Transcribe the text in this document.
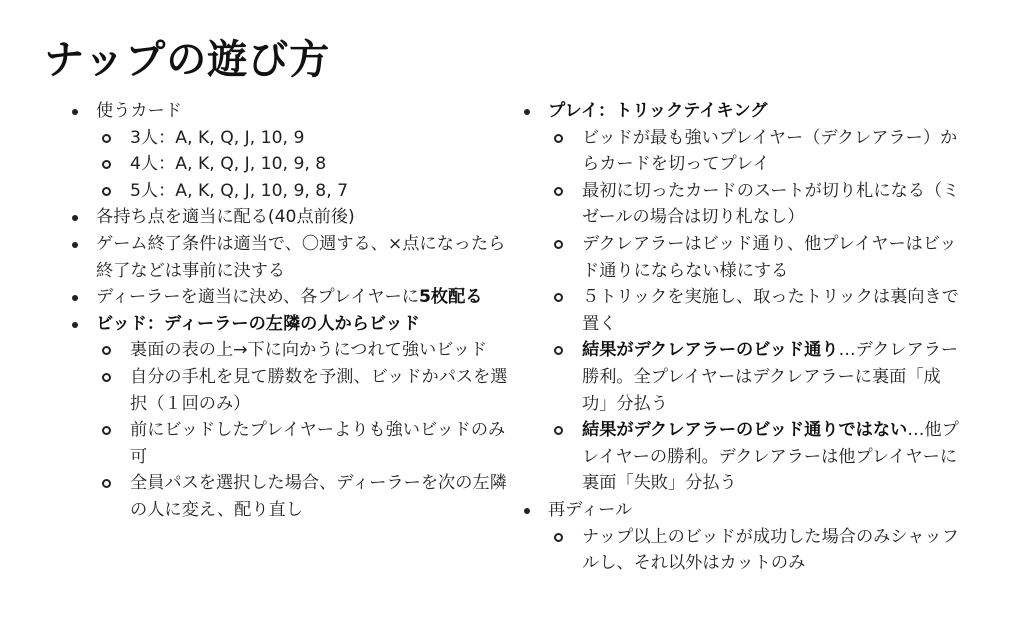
ナップの遊び方
使うカード
3人：A, K, Q, J, 10, 9
4人：A, K, Q, J, 10, 9, 8
5人：A, K, Q, J, 10, 9, 8, 7
各持ち点を適当に配る(40点前後)
ゲーム終了条件は適当で、〇週する、×点になったら終了などは事前に決する
ディーラーを適当に決め、各プレイヤーに5枚配る
ビッド：ディーラーの左隣の人からビッド
裏面の表の上→下に向かうにつれて強いビッド
自分の手札を見て勝数を予測、ビッドかパスを選択（１回のみ）
前にビッドしたプレイヤーよりも強いビッドのみ可
全員パスを選択した場合、ディーラーを次の左隣の人に変え、配り直し
プレイ：トリックテイキング
ビッドが最も強いプレイヤー（デクレアラー）からカードを切ってプレイ
最初に切ったカードのスートが切り札になる（ミゼールの場合は切り札なし）
デクレアラーはビッド通り、他プレイヤーはビッド通りにならない様にする
５トリックを実施し、取ったトリックは裏向きで置く
結果がデクレアラーのビッド通り…デクレアラー勝利。全プレイヤーはデクレアラーに裏面「成功」分払う
結果がデクレアラーのビッド通りではない…他プレイヤーの勝利。デクレアラーは他プレイヤーに裏面「失敗」分払う
再ディール
ナップ以上のビッドが成功した場合のみシャッフルし、それ以外はカットのみ
